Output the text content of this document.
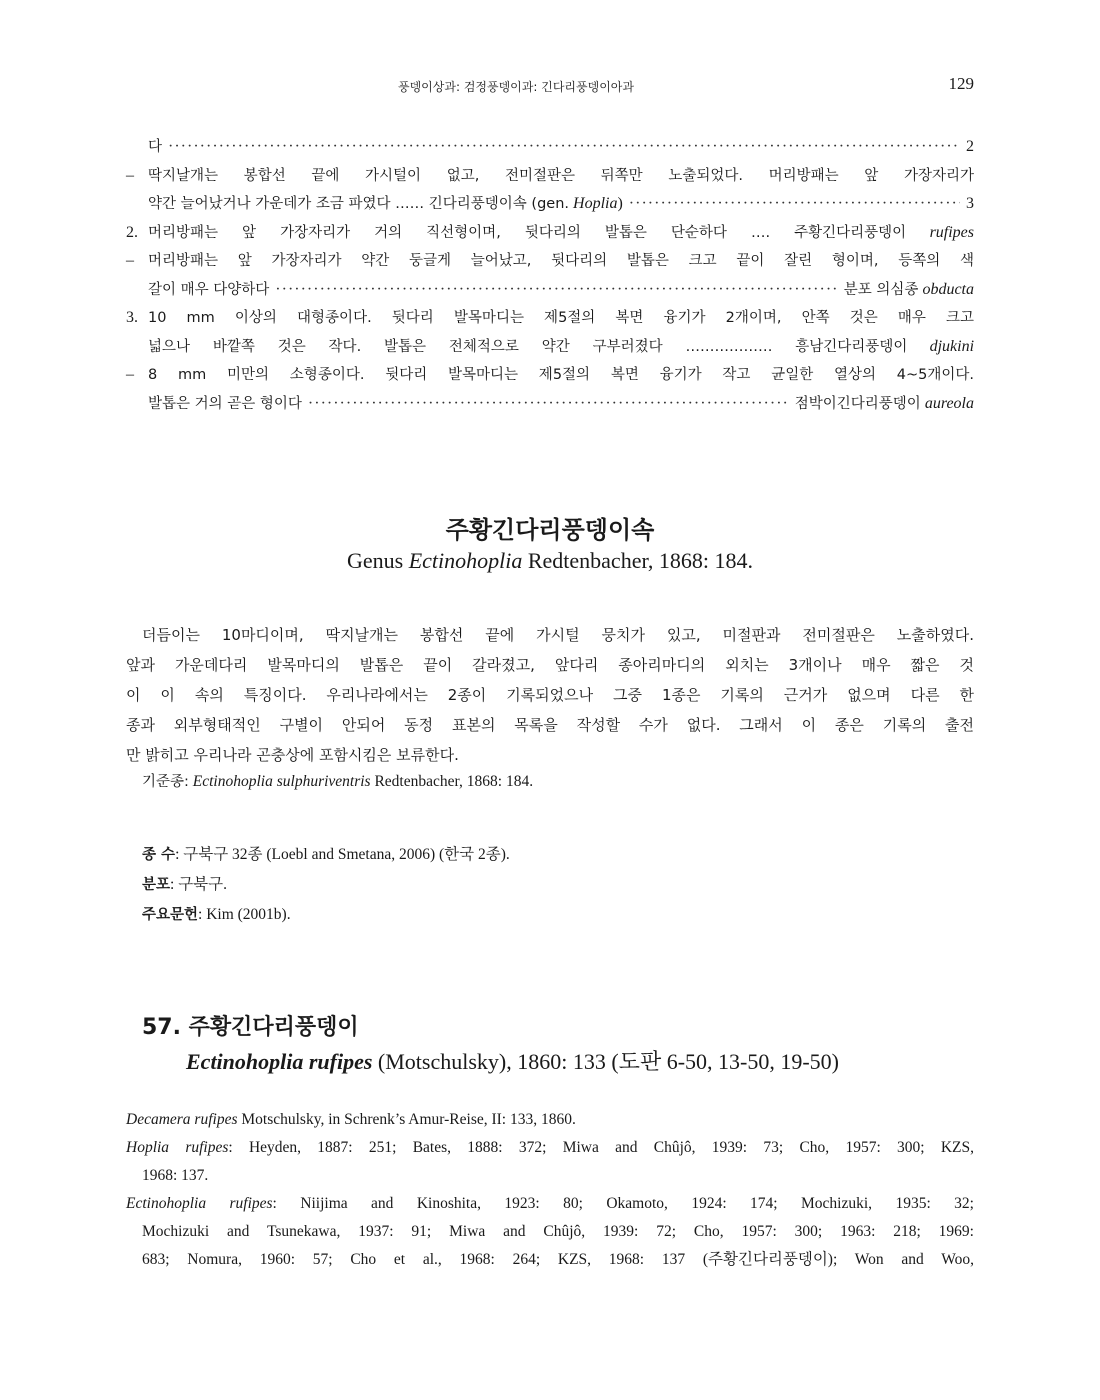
풍뎅이상과: 검정풍뎅이과: 긴다리풍뎅이아과	129
다 ·····	2
– 딱지날개는 봉합선 끝에 가시털이 없고, 전미절판은 뒤쪽만 노출되었다. 머리방패는 앞 가장자리가
약간 늘어났거나 가운데가 조금 파였다 …… 긴다리풍뎅이속 (gen. Hoplia) ·····	3
2. 머리방패는 앞 가장자리가 거의 직선형이며, 뒷다리의 발톱은 단순하다 …. 주황긴다리풍뎅이 rufipes
– 머리방패는 앞 가장자리가 약간 둥글게 늘어났고, 뒷다리의 발톱은 크고 끝이 잘린 형이며, 등쪽의 색
갈이 매우 다양하다 ·····	분포 의심종 obducta
3. 10 mm 이상의 대형종이다. 뒷다리 발목마디는 제5절의 복면 융기가 2개이며, 안쪽 것은 매우 크고
넓으나 바깥쪽 것은 작다. 발톱은 전체적으로 약간 구부러졌다 ……………… 흥남긴다리풍뎅이 djukini
– 8 mm 미만의 소형종이다. 뒷다리 발목마디는 제5절의 복면 융기가 작고 균일한 열상의 4~5개이다.
발톱은 거의 곧은 형이다 ·····	점박이긴다리풍뎅이 aureola
주황긴다리풍뎅이속
Genus Ectinohoplia Redtenbacher, 1868: 184.
더듬이는 10마디이며, 딱지날개는 봉합선 끝에 가시털 뭉치가 있고, 미절판과 전미절판은 노출하였다.
앞과 가운데다리 발목마디의 발톱은 끝이 갈라졌고, 앞다리 종아리마디의 외치는 3개이나 매우 짧은 것
이 이 속의 특징이다. 우리나라에서는 2종이 기록되었으나 그중 1종은 기록의 근거가 없으며 다른 한
종과 외부형태적인 구별이 안되어 동정 표본의 목록을 작성할 수가 없다. 그래서 이 종은 기록의 출전
만 밝히고 우리나라 곤충상에 포함시킴은 보류한다.
기준종: Ectinohoplia sulphuriventris Redtenbacher, 1868: 184.
종 수: 구북구 32종 (Loebl and Smetana, 2006) (한국 2종).
분포: 구북구.
주요문헌: Kim (2001b).
57. 주황긴다리풍뎅이
Ectinohoplia rufipes (Motschulsky), 1860: 133 (도판 6-50, 13-50, 19-50)
Decamera rufipes Motschulsky, in Schrenk’s Amur-Reise, II: 133, 1860.
Hoplia rufipes: Heyden, 1887: 251; Bates, 1888: 372; Miwa and Chûjô, 1939: 73; Cho, 1957: 300; KZS,
1968: 137.
Ectinohoplia rufipes: Niijima and Kinoshita, 1923: 80; Okamoto, 1924: 174; Mochizuki, 1935: 32;
Mochizuki and Tsunekawa, 1937: 91; Miwa and Chûjô, 1939: 72; Cho, 1957: 300; 1963: 218; 1969:
683; Nomura, 1960: 57; Cho et al., 1968: 264; KZS, 1968: 137 (주황긴다리풍뎅이); Won and Woo,
